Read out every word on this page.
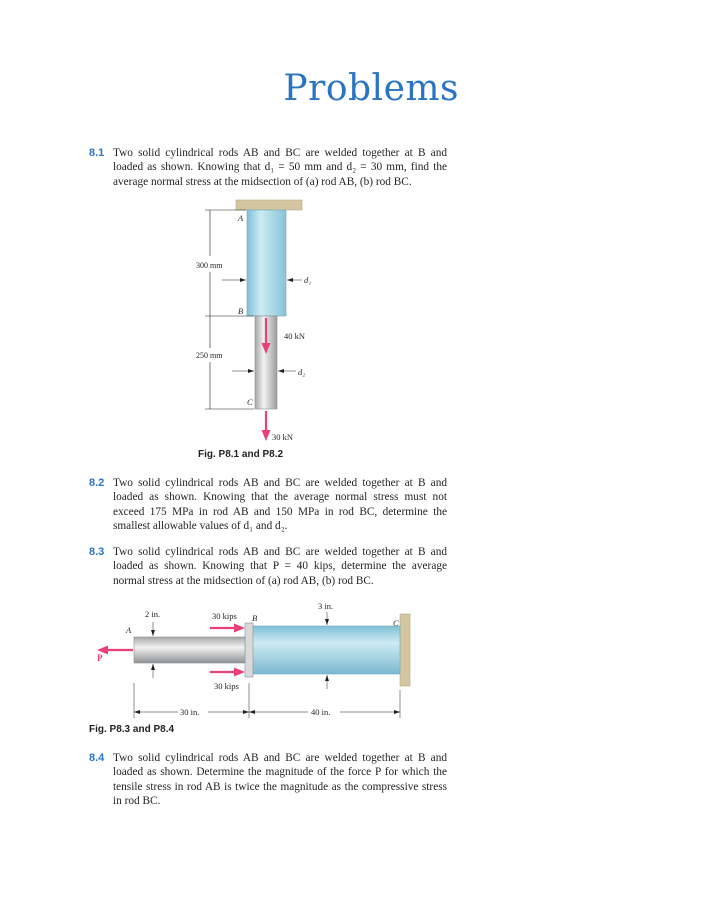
Problems
8.1 Two solid cylindrical rods AB and BC are welded together at B and loaded as shown. Knowing that d₁ = 50 mm and d₂ = 30 mm, find the average normal stress at the midsection of (a) rod AB, (b) rod BC.
300 mm
250 mm
A
B
C
d₁
d₂
40 kN
30 kN
Fig. P8.1 and P8.2
8.2 Two solid cylindrical rods AB and BC are welded together at B and loaded as shown. Knowing that the average normal stress must not exceed 175 MPa in rod AB and 150 MPa in rod BC, determine the smallest allowable values of d₁ and d₂.
8.3 Two solid cylindrical rods AB and BC are welded together at B and loaded as shown. Knowing that P = 40 kips, determine the average normal stress at the midsection of (a) rod AB, (b) rod BC.
A
B	C
P
30 kips
30 kips
2 in.
3 in.
30 in.	40 in.
Fig. P8.3 and P8.4
8.4 Two solid cylindrical rods AB and BC are welded together at B and loaded as shown. Determine the magnitude of the force P for which the tensile stress in rod AB is twice the magnitude as the compressive stress in rod BC.
